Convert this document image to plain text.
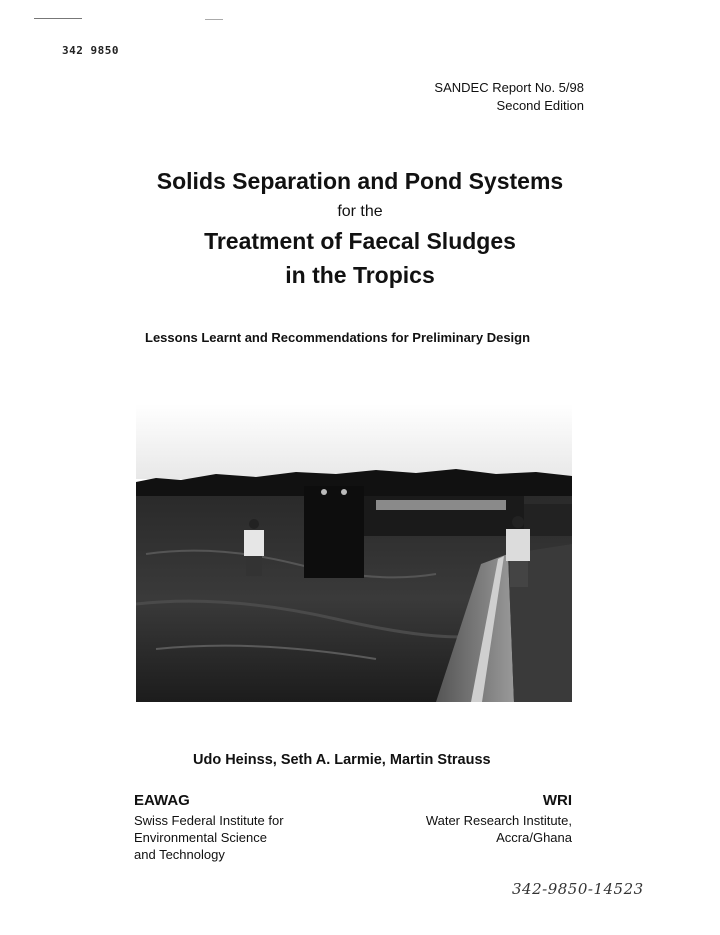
342 9850
SANDEC Report No. 5/98
Second Edition
Solids Separation and Pond Systems
for the
Treatment of Faecal Sludges
in the Tropics
Lessons Learnt and Recommendations for Preliminary Design
Udo Heinss, Seth A. Larmie, Martin Strauss
EAWAG
Swiss Federal Institute for
Environmental Science
and Technology
WRI
Water Research Institute,
Accra/Ghana
342-9850-14523
